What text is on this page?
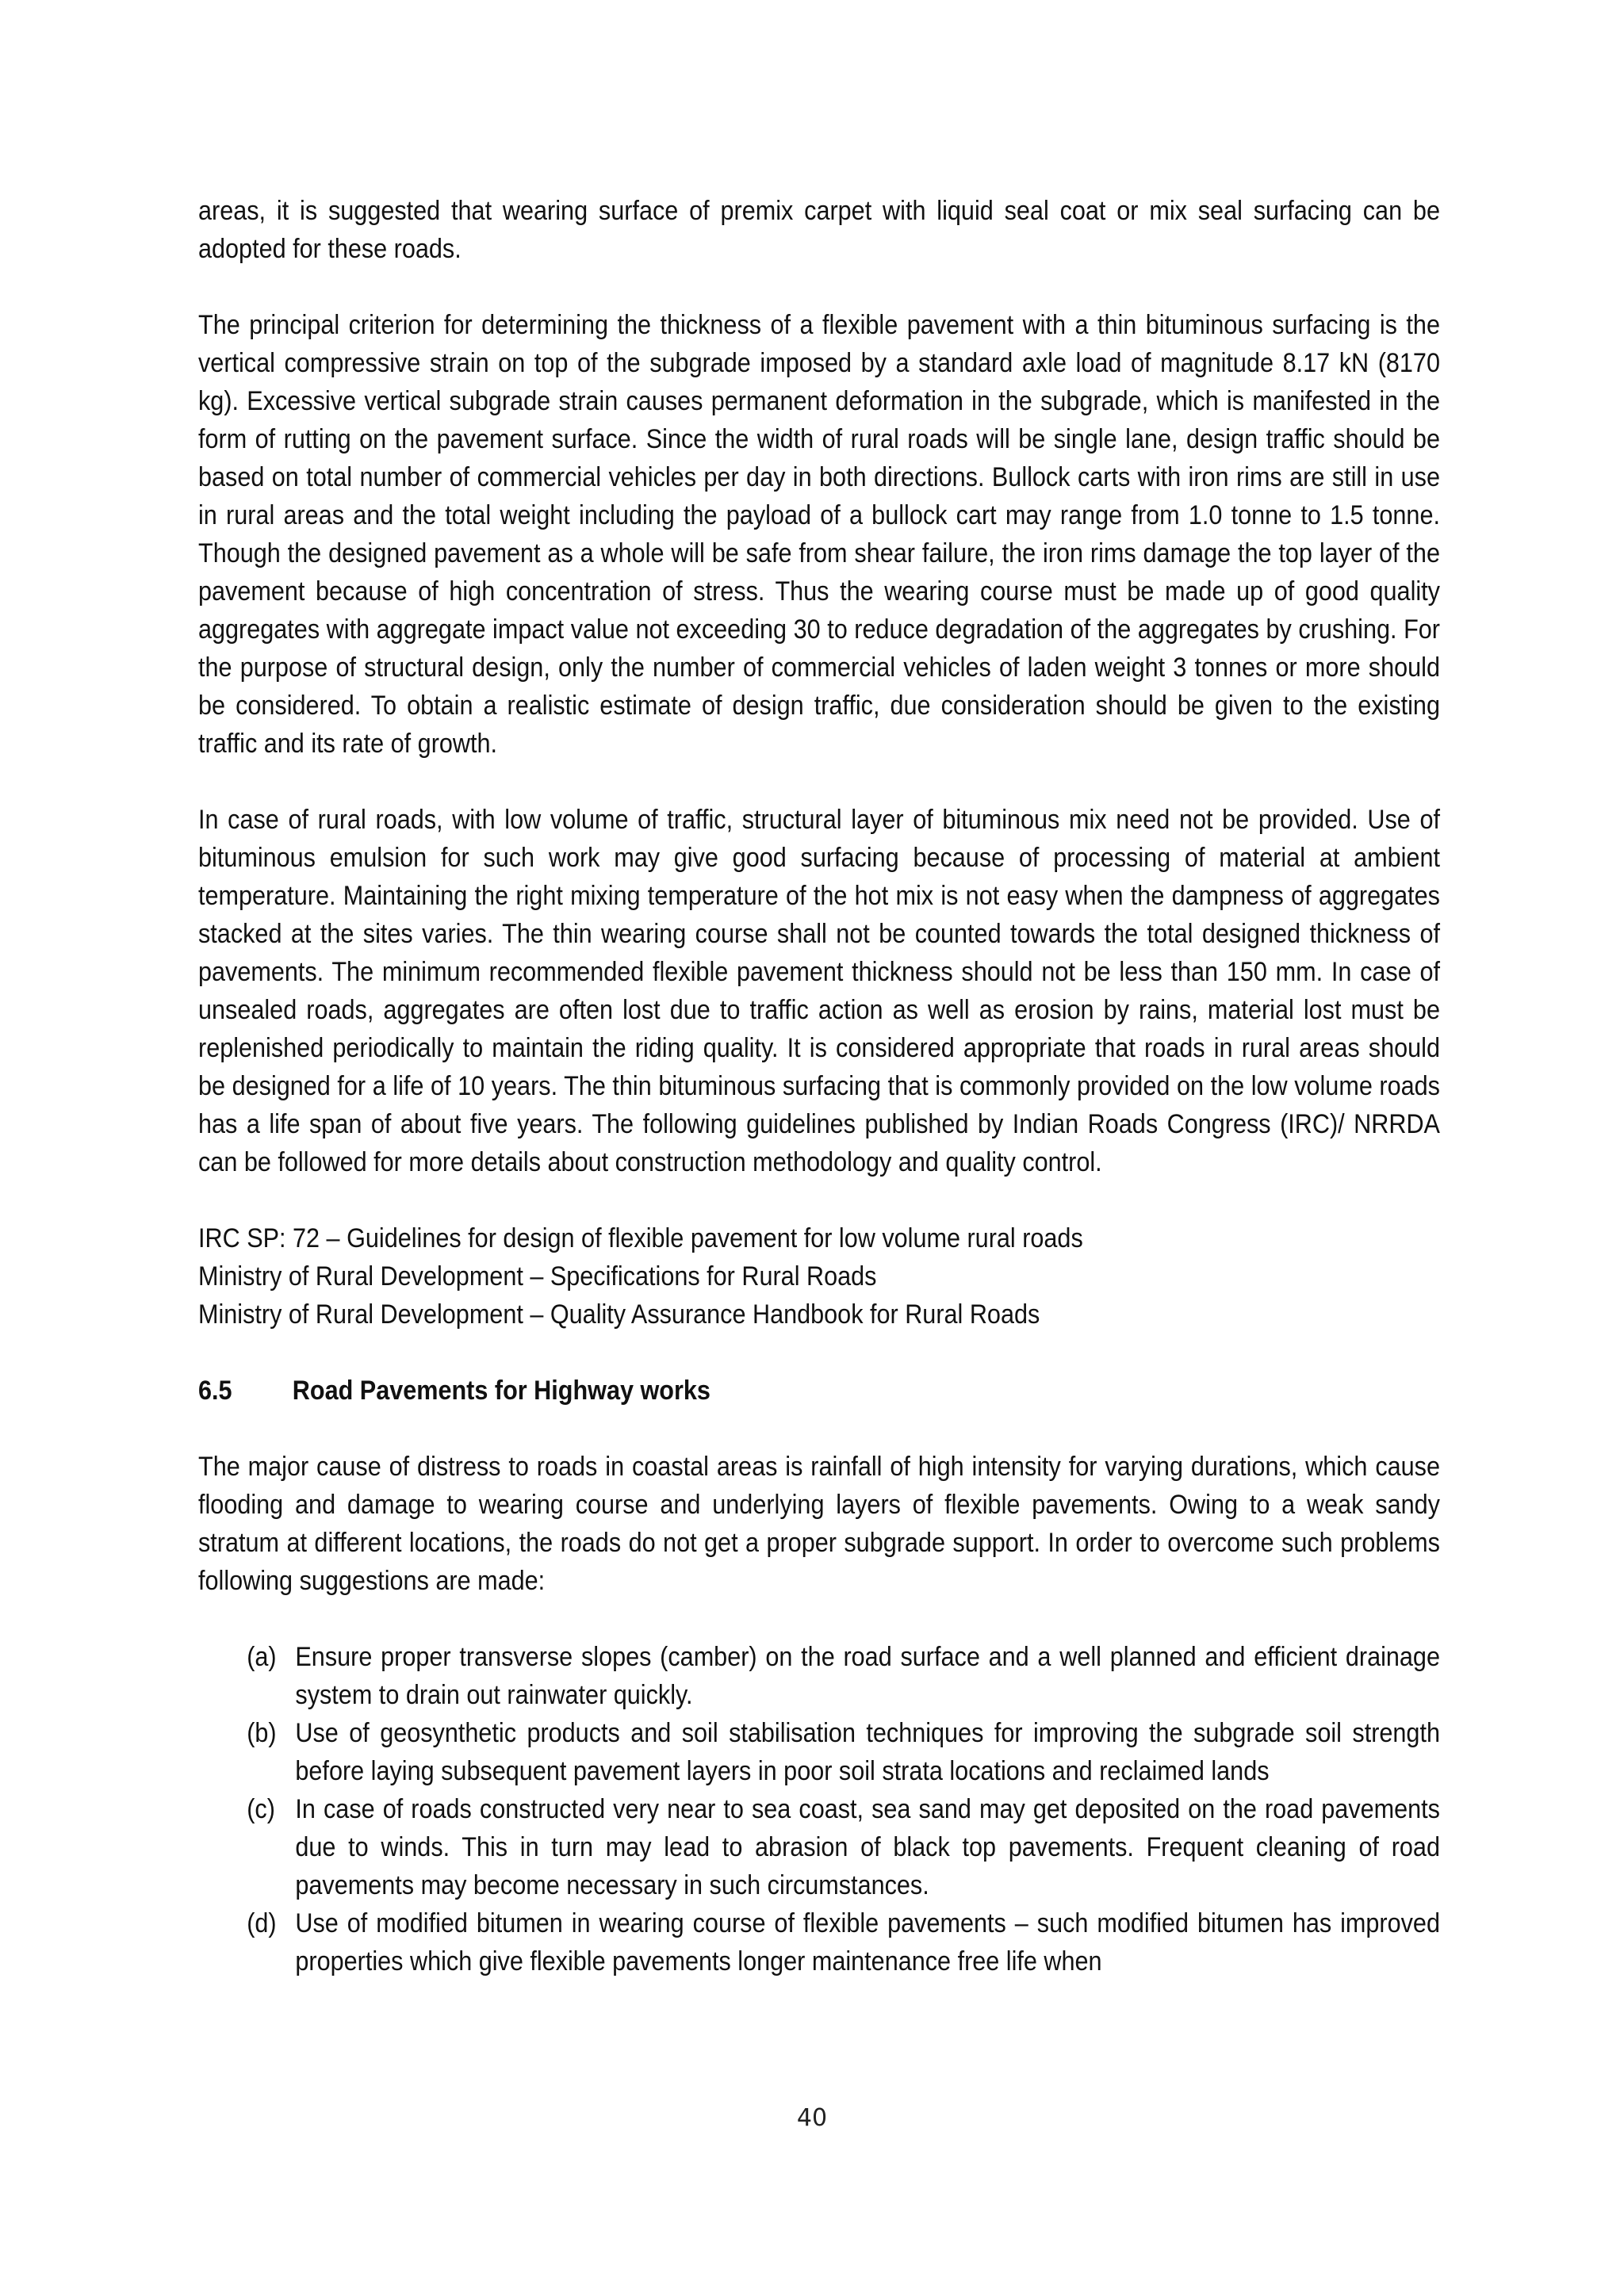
areas, it is suggested that wearing surface of premix carpet with liquid seal coat or mix seal surfacing can be adopted for these roads.

The principal criterion for determining the thickness of a flexible pavement with a thin bituminous surfacing is the vertical compressive strain on top of the subgrade imposed by a standard axle load of magnitude 8.17 kN (8170 kg). Excessive vertical subgrade strain causes permanent deformation in the subgrade, which is manifested in the form of rutting on the pavement surface. Since the width of rural roads will be single lane, design traffic should be based on total number of commercial vehicles per day in both directions. Bullock carts with iron rims are still in use in rural areas and the total weight including the payload of a bullock cart may range from 1.0 tonne to 1.5 tonne. Though the designed pavement as a whole will be safe from shear failure, the iron rims damage the top layer of the pavement because of high concentration of stress. Thus the wearing course must be made up of good quality aggregates with aggregate impact value not exceeding 30 to reduce degradation of the aggregates by crushing. For the purpose of structural design, only the number of commercial vehicles of laden weight 3 tonnes or more should be considered. To obtain a realistic estimate of design traffic, due consideration should be given to the existing traffic and its rate of growth.

In case of rural roads, with low volume of traffic, structural layer of bituminous mix need not be provided. Use of bituminous emulsion for such work may give good surfacing because of processing of material at ambient temperature. Maintaining the right mixing temperature of the hot mix is not easy when the dampness of aggregates stacked at the sites varies. The thin wearing course shall not be counted towards the total designed thickness of pavements. The minimum recommended flexible pavement thickness should not be less than 150 mm. In case of unsealed roads, aggregates are often lost due to traffic action as well as erosion by rains, material lost must be replenished periodically to maintain the riding quality. It is considered appropriate that roads in rural areas should be designed for a life of 10 years. The thin bituminous surfacing that is commonly provided on the low volume roads has a life span of about five years. The following guidelines published by Indian Roads Congress (IRC)/ NRRDA can be followed for more details about construction methodology and quality control.

IRC SP: 72 – Guidelines for design of flexible pavement for low volume rural roads
Ministry of Rural Development – Specifications for Rural Roads
Ministry of Rural Development – Quality Assurance Handbook for Rural Roads
6.5	Road Pavements for Highway works

The major cause of distress to roads in coastal areas is rainfall of high intensity for varying durations, which cause flooding and damage to wearing course and underlying layers of flexible pavements. Owing to a weak sandy stratum at different locations, the roads do not get a proper subgrade support. In order to overcome such problems following suggestions are made:

(a) Ensure proper transverse slopes (camber) on the road surface and a well planned and efficient drainage system to drain out rainwater quickly.
(b) Use of geosynthetic products and soil stabilisation techniques for improving the subgrade soil strength before laying subsequent pavement layers in poor soil strata locations and reclaimed lands
(c) In case of roads constructed very near to sea coast, sea sand may get deposited on the road pavements due to winds. This in turn may lead to abrasion of black top pavements. Frequent cleaning of road pavements may become necessary in such circumstances.
(d) Use of modified bitumen in wearing course of flexible pavements – such modified bitumen has improved properties which give flexible pavements longer maintenance free life when
40
